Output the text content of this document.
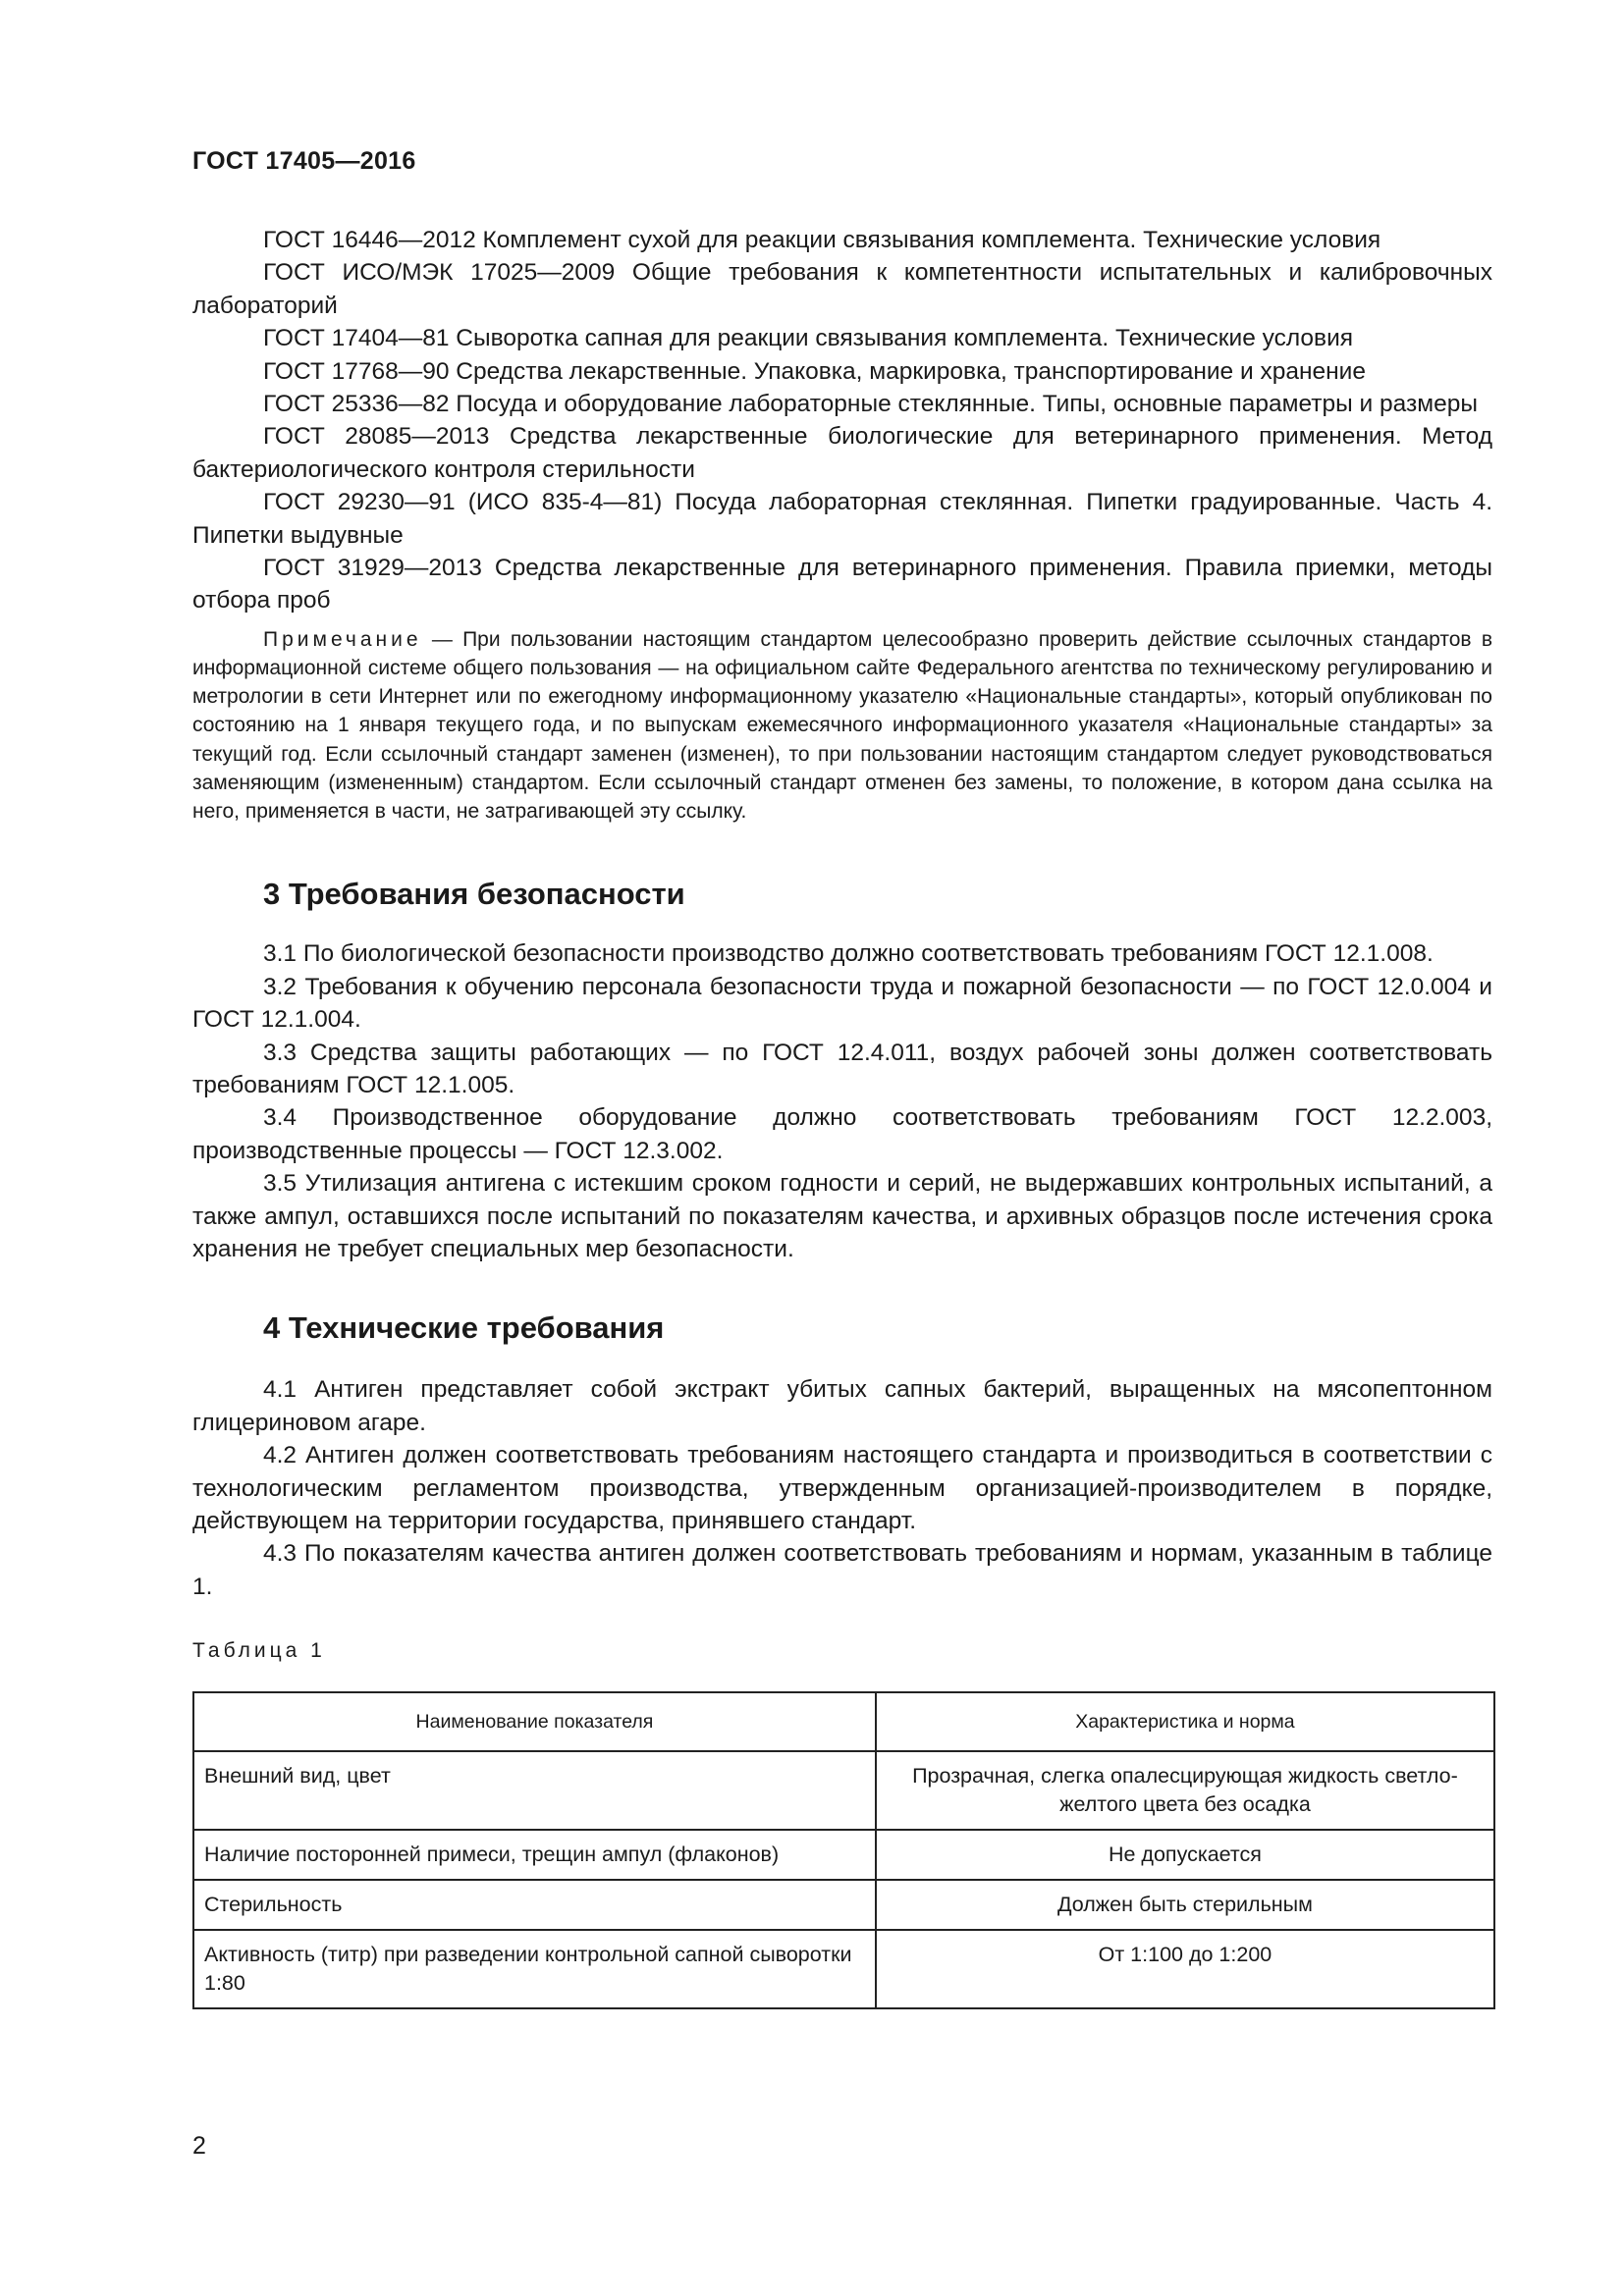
ГОСТ 17405—2016

ГОСТ 16446—2012 Комплемент сухой для реакции связывания комплемента. Технические условия

ГОСТ ИСО/МЭК 17025—2009 Общие требования к компетентности испытательных и калибровочных лабораторий

ГОСТ 17404—81 Сыворотка сапная для реакции связывания комплемента. Технические условия

ГОСТ 17768—90 Средства лекарственные. Упаковка, маркировка, транспортирование и хранение

ГОСТ 25336—82 Посуда и оборудование лабораторные стеклянные. Типы, основные параметры и размеры

ГОСТ 28085—2013 Средства лекарственные биологические для ветеринарного применения. Метод бактериологического контроля стерильности

ГОСТ 29230—91 (ИСО 835-4—81) Посуда лабораторная стеклянная. Пипетки градуированные. Часть 4. Пипетки выдувные

ГОСТ 31929—2013 Средства лекарственные для ветеринарного применения. Правила приемки, методы отбора проб

Примечание — При пользовании настоящим стандартом целесообразно проверить действие ссылочных стандартов в информационной системе общего пользования — на официальном сайте Федерального агентства по техническому регулированию и метрологии в сети Интернет или по ежегодному информационному указателю «Национальные стандарты», который опубликован по состоянию на 1 января текущего года, и по выпускам ежемесячного информационного указателя «Национальные стандарты» за текущий год. Если ссылочный стандарт заменен (изменен), то при пользовании настоящим стандартом следует руководствоваться заменяющим (измененным) стандартом. Если ссылочный стандарт отменен без замены, то положение, в котором дана ссылка на него, применяется в части, не затрагивающей эту ссылку.

3 Требования безопасности

3.1 По биологической безопасности производство должно соответствовать требованиям ГОСТ 12.1.008.

3.2 Требования к обучению персонала безопасности труда и пожарной безопасности — по ГОСТ 12.0.004 и ГОСТ 12.1.004.

3.3 Средства защиты работающих — по ГОСТ 12.4.011, воздух рабочей зоны должен соответствовать требованиям ГОСТ 12.1.005.

3.4 Производственное оборудование должно соответствовать требованиям ГОСТ 12.2.003, производственные процессы — ГОСТ 12.3.002.

3.5 Утилизация антигена с истекшим сроком годности и серий, не выдержавших контрольных испытаний, а также ампул, оставшихся после испытаний по показателям качества, и архивных образцов после истечения срока хранения не требует специальных мер безопасности.

4 Технические требования

4.1 Антиген представляет собой экстракт убитых сапных бактерий, выращенных на мясопептонном глицериновом агаре.

4.2 Антиген должен соответствовать требованиям настоящего стандарта и производиться в соответствии с технологическим регламентом производства, утвержденным организацией-производителем в порядке, действующем на территории государства, принявшего стандарт.

4.3 По показателям качества антиген должен соответствовать требованиям и нормам, указанным в таблице 1.

Таблица 1
Наименование показателя	Характеристика и норма
Внешний вид, цвет	Прозрачная, слегка опалесцирующая жидкость светло-желтого цвета без осадка
Наличие посторонней примеси, трещин ампул (флаконов)	Не допускается
Стерильность	Должен быть стерильным
Активность (титр) при разведении контрольной сапной сыворотки 1:80	От 1:100 до 1:200
2
